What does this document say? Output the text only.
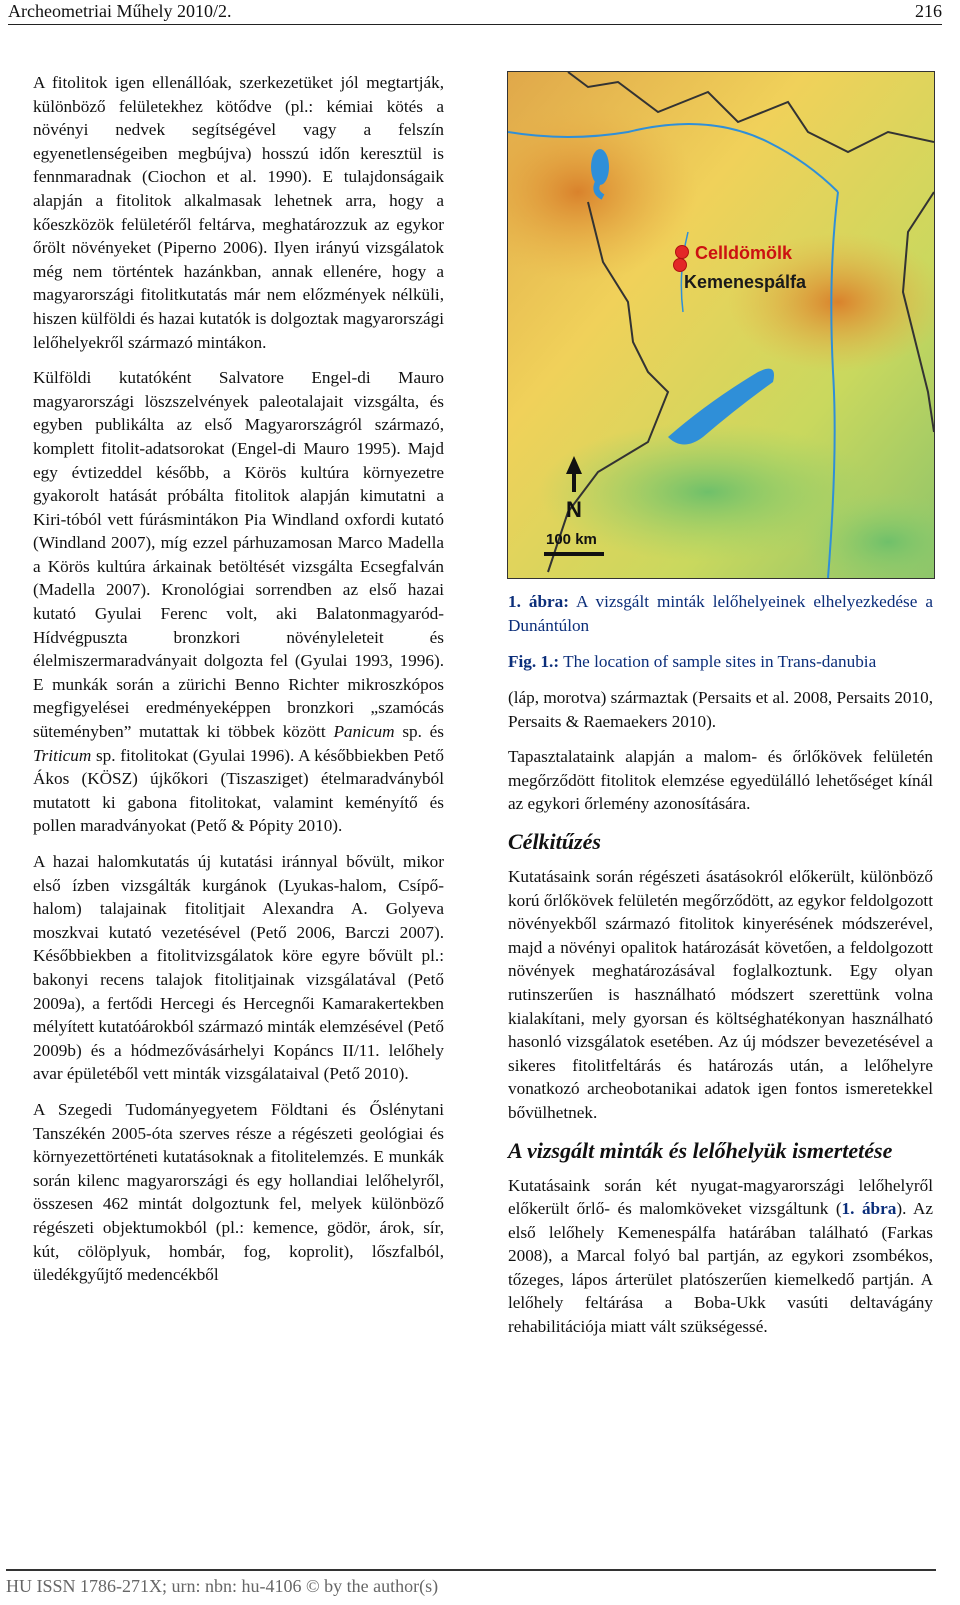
Archeometriai Műhely 2010/2.	216

A fitolitok igen ellenállóak, szerkezetüket jól megtartják, különböző felületekhez kötődve (pl.: kémiai kötés a növényi nedvek segítségével vagy a felszín egyenetlenségeiben megbújva) hosszú időn keresztül is fennmaradnak (Ciochon et al. 1990). E tulajdonságaik alapján a fitolitok alkalmasak lehetnek arra, hogy a kőeszközök felületéről feltárva, meghatározzuk az egykor őrölt növényeket (Piperno 2006). Ilyen irányú vizsgálatok még nem történtek hazánkban, annak ellenére, hogy a magyarországi fitolitkutatás már nem előzmények nélküli, hiszen külföldi és hazai kutatók is dolgoztak magyarországi lelőhelyekről származó mintákon.

Külföldi kutatóként Salvatore Engel-di Mauro magyarországi löszszelvények paleotalajait vizsgálta, és egyben publikálta az első Magyarországról származó, komplett fitolit-adatsorokat (Engel-di Mauro 1995). Majd egy évtizeddel később, a Körös kultúra környezetre gyakorolt hatását próbálta fitolitok alapján kimutatni a Kiri-tóból vett fúrásmintákon Pia Windland oxfordi kutató (Windland 2007), míg ezzel párhuzamosan Marco Madella a Körös kultúra árkainak betöltését vizsgálta Ecsegfalván (Madella 2007). Kronológiai sorrendben az első hazai kutató Gyulai Ferenc volt, aki Balatonmagyaród-Hídvégpuszta bronzkori növényleleteit és élelmiszermaradványait dolgozta fel (Gyulai 1993, 1996). E munkák során a zürichi Benno Richter mikroszkópos megfigyelései eredményeképpen bronzkori „szamócás süteményben” mutattak ki többek között Panicum sp. és Triticum sp. fitolitokat (Gyulai 1996). A későbbiekben Pető Ákos (KÖSZ) újkőkori (Tiszasziget) ételmaradványból mutatott ki gabona fitolitokat, valamint keményítő és pollen maradványokat (Pető & Pópity 2010).

A hazai halomkutatás új kutatási iránnyal bővült, mikor első ízben vizsgálták kurgánok (Lyukas-halom, Csípő-halom) talajainak fitolitjait Alexandra A. Golyeva moszkvai kutató vezetésével (Pető 2006, Barczi 2007). Későbbiekben a fitolitvizsgálatok köre egyre bővült pl.: bakonyi recens talajok fitolitjainak vizsgálatával (Pető 2009a), a fertődi Hercegi és Hercegnői Kamarakertekben mélyített kutatóárokból származó minták elemzésével (Pető 2009b) és a hódmezővásárhelyi Kopáncs II/11. lelőhely avar épületéből vett minták vizsgálataival (Pető 2010).

A Szegedi Tudományegyetem Földtani és Őslénytani Tanszékén 2005-óta szerves része a régészeti geológiai és környezettörténeti kutatásoknak a fitolitelemzés. E munkák során kilenc magyarországi és egy hollandiai lelőhelyről, összesen 462 mintát dolgoztunk fel, melyek különböző régészeti objektumokból (pl.: kemence, gödör, árok, sír, kút, cölöplyuk, hombár, fog, koprolit), lőszfalból, üledékgyűjtő medencékből

Celldömölk
Kemenespálfa
N
100 km

1. ábra: A vizsgált minták lelőhelyeinek elhelyezkedése a Dunántúlon

Fig. 1.: The location of sample sites in Trans-danubia

(láp, morotva) származtak (Persaits et al. 2008, Persaits 2010, Persaits & Raemaekers 2010).

Tapasztalataink alapján a malom- és őrlőkövek felületén megőrződött fitolitok elemzése egyedülálló lehetőséget kínál az egykori őrlemény azonosítására.

Célkitűzés

Kutatásaink során régészeti ásatásokról előkerült, különböző korú őrlőkövek felületén megőrződött, az egykor feldolgozott növényekből származó fitolitok kinyerésének módszerével, majd a növényi opalitok határozását követően, a feldolgozott növények meghatározásával foglalkoztunk. Egy olyan rutinszerűen is használható módszert szerettünk volna kialakítani, mely gyorsan és költséghatékonyan használható hasonló vizsgálatok esetében. Az új módszer bevezetésével a sikeres fitolitfeltárás és határozás után, a lelőhelyre vonatkozó archeobotanikai adatok igen fontos ismeretekkel bővülhetnek.

A vizsgált minták és lelőhelyük ismertetése

Kutatásaink során két nyugat-magyarországi lelőhelyről előkerült őrlő- és malomköveket vizsgáltunk (1. ábra). Az első lelőhely Kemenespálfa határában található (Farkas 2008), a Marcal folyó bal partján, az egykori zsombékos, tőzeges, lápos árterület platószerűen kiemelkedő partján. A lelőhely feltárása a Boba-Ukk vasúti deltavágány rehabilitációja miatt vált szükségessé.

HU ISSN 1786-271X; urn: nbn: hu-4106 © by the author(s)
